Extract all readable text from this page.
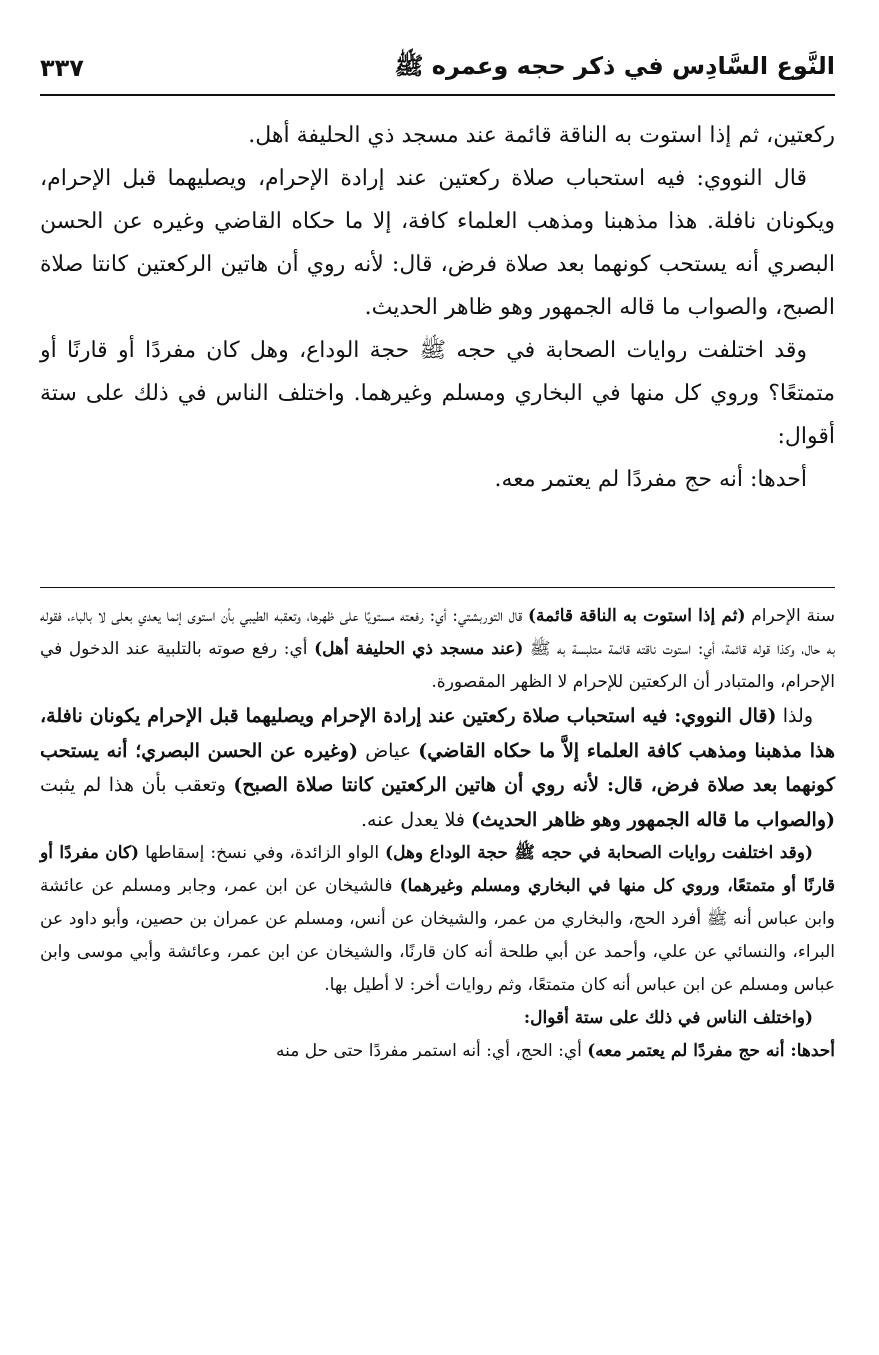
النَّوع السَّادِس في ذكر حجه وعمره ﷺ
٣٣٧

ركعتين، ثم إذا استوت به الناقة قائمة عند مسجد ذي الحليفة أهل.

قال النووي: فيه استحباب صلاة ركعتين عند إرادة الإحرام، ويصليهما قبل الإحرام، ويكونان نافلة. هذا مذهبنا ومذهب العلماء كافة، إلا ما حكاه القاضي وغيره عن الحسن البصري أنه يستحب كونهما بعد صلاة فرض، قال: لأنه روي أن هاتين الركعتين كانتا صلاة الصبح، والصواب ما قاله الجمهور وهو ظاهر الحديث.

وقد اختلفت روايات الصحابة في حجه ﷺ حجة الوداع، وهل كان مفردًا أو قارنًا أو متمتعًا؟ وروي كل منها في البخاري ومسلم وغيرهما. واختلف الناس في ذلك على ستة أقوال:

أحدها: أنه حج مفردًا لم يعتمر معه.

سنة الإحرام (ثم إذا استوت به الناقة قائمة) قال التوربشتي: أي: رفعته مستويًا على ظهرها، وتعقبه الطيبي بأن استوى إنما يعدي بعلى لا بالباء، فقوله به حال، وكذا قوله قائمة، أي: استوت ناقته قائمة متلبسة به ﷺ (عند مسجد ذي الحليفة أهل) أي: رفع صوته بالتلبية عند الدخول في الإحرام، والمتبادر أن الركعتين للإحرام لا الظهر المقصورة.

ولذا (قال النووي: فيه استحباب صلاة ركعتين عند إرادة الإحرام ويصليهما قبل الإحرام يكونان نافلة، هذا مذهبنا ومذهب كافة العلماء إلاَّ ما حكاه القاضي) عياض (وغيره عن الحسن البصري؛ أنه يستحب كونهما بعد صلاة فرض، قال: لأنه روي أن هاتين الركعتين كانتا صلاة الصبح) وتعقب بأن هذا لم يثبت (والصواب ما قاله الجمهور وهو ظاهر الحديث) فلا يعدل عنه.

(وقد اختلفت روايات الصحابة في حجه ﷺ حجة الوداع وهل) الواو الزائدة، وفي نسخ: إسقاطها (كان مفردًا أو قارنًا أو متمتعًا، وروي كل منها في البخاري ومسلم وغيرهما) فالشيخان عن ابن عمر، وجابر ومسلم عن عائشة وابن عباس أنه ﷺ أفرد الحج، والبخاري من عمر، والشيخان عن أنس، ومسلم عن عمران بن حصين، وأبو داود عن البراء، والنسائي عن علي، وأحمد عن أبي طلحة أنه كان قارنًا، والشيخان عن ابن عمر، وعائشة وأبي موسى وابن عباس ومسلم عن ابن عباس أنه كان متمتعًا، وثم روايات أخر: لا أطيل بها.

(واختلف الناس في ذلك على ستة أقوال:

أحدها: أنه حج مفردًا لم يعتمر معه) أي: الحج، أي: أنه استمر مفردًا حتى حل منه
